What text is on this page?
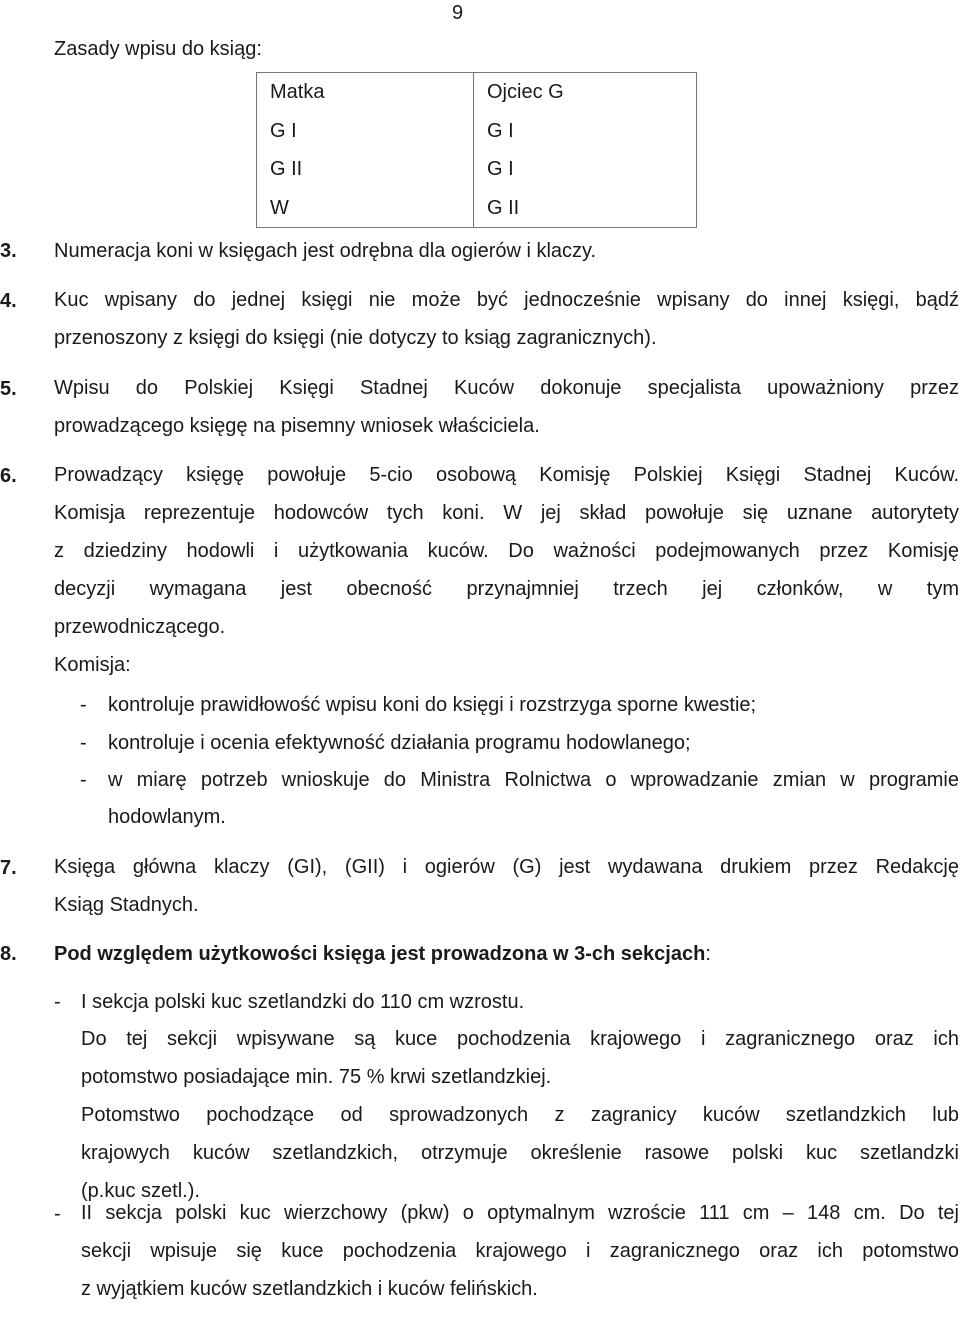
9
Zasady wpisu do ksiąg:
Matka	Ojciec G
G I	G I
G II	G I
W	G II
3. Numeracja koni w księgach jest odrębna dla ogierów i klaczy.
4. Kuc wpisany do jednej księgi nie może być jednocześnie wpisany do innej księgi, bądź
przenoszony z księgi do księgi (nie dotyczy to ksiąg zagranicznych).
5. Wpisu do Polskiej Księgi Stadnej Kuców dokonuje specjalista upoważniony przez
prowadzącego księgę na pisemny wniosek właściciela.
6. Prowadzący księgę powołuje 5-cio osobową Komisję Polskiej Księgi Stadnej Kuców.
Komisja reprezentuje hodowców tych koni. W jej skład powołuje się uznane autorytety
z dziedziny hodowli i użytkowania kuców. Do ważności podejmowanych przez Komisję
decyzji wymagana jest obecność przynajmniej trzech jej członków, w tym
przewodniczącego.
Komisja:
- kontroluje prawidłowość wpisu koni do księgi i rozstrzyga sporne kwestie;
- kontroluje i ocenia efektywność działania programu hodowlanego;
- w miarę potrzeb wnioskuje do Ministra Rolnictwa o wprowadzanie zmian w programie
hodowlanym.
7. Księga główna klaczy (GI), (GII) i ogierów (G) jest wydawana drukiem przez Redakcję
Ksiąg Stadnych.
8. Pod względem użytkowości księga jest prowadzona w 3-ch sekcjach:
- I sekcja polski kuc szetlandzki do 110 cm wzrostu.
Do tej sekcji wpisywane są kuce pochodzenia krajowego i zagranicznego oraz ich
potomstwo posiadające min. 75 % krwi szetlandzkiej.
Potomstwo pochodzące od sprowadzonych z zagranicy kuców szetlandzkich lub
krajowych kuców szetlandzkich, otrzymuje określenie rasowe polski kuc szetlandzki
(p.kuc szetl.).
- II sekcja polski kuc wierzchowy (pkw) o optymalnym wzroście 111 cm – 148 cm. Do tej
sekcji wpisuje się kuce pochodzenia krajowego i zagranicznego oraz ich potomstwo
z wyjątkiem kuców szetlandzkich i kuców felińskich.
